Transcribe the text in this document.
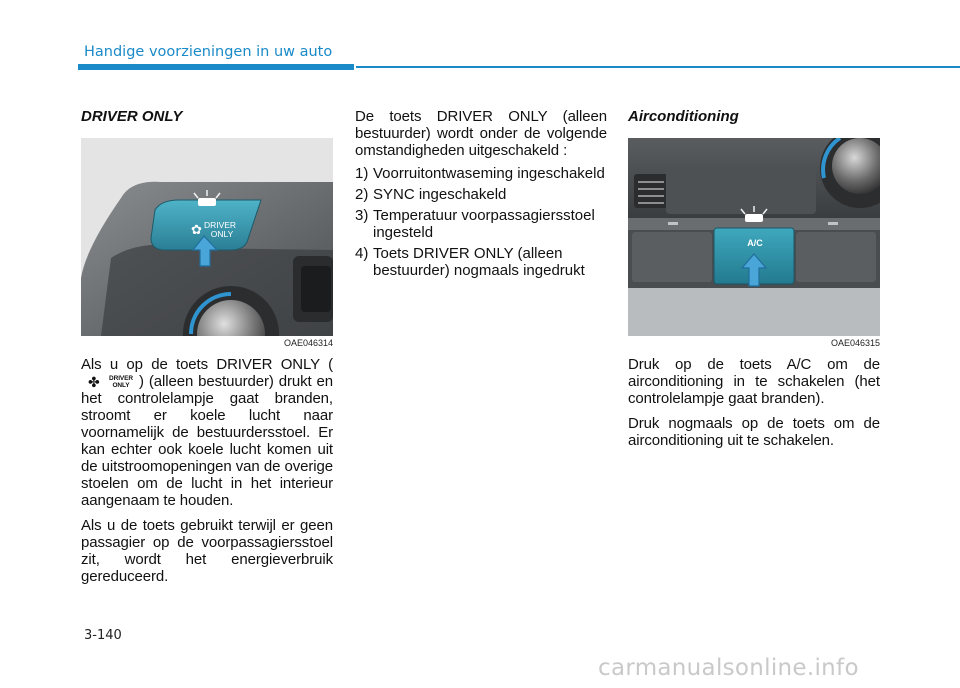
Handige voorzieningen in uw auto
DRIVER ONLY
✿ DRIVER
ONLY
OAE046314

Als u op de toets DRIVER ONLY (
✤	DRIVER
ONLY ) (alleen bestuurder) drukt en het controlelampje gaat branden, stroomt er koele lucht naar voornamelijk de bestuurdersstoel. Er kan echter ook koele lucht komen uit de uitstroomopeningen van de overige stoelen om de lucht in het interieur aangenaam te houden.

Als u de toets gebruikt terwijl er geen passagier op de voorpassagiersstoel zit, wordt het energieverbruik gereduceerd.

De toets DRIVER ONLY (alleen bestuurder) wordt onder de volgende omstandigheden uitgeschakeld :

1) Voorruitontwaseming ingeschakeld
2) SYNC ingeschakeld
3) Temperatuur voorpassagiersstoel ingesteld
4) Toets DRIVER ONLY (alleen bestuurder) nogmaals ingedrukt
Airconditioning
A/C
OAE046315

Druk op de toets A/C om de airconditioning in te schakelen (het controlelampje gaat branden).

Druk nogmaals op de toets om de airconditioning uit te schakelen.

3-140
carmanualsonline.info
